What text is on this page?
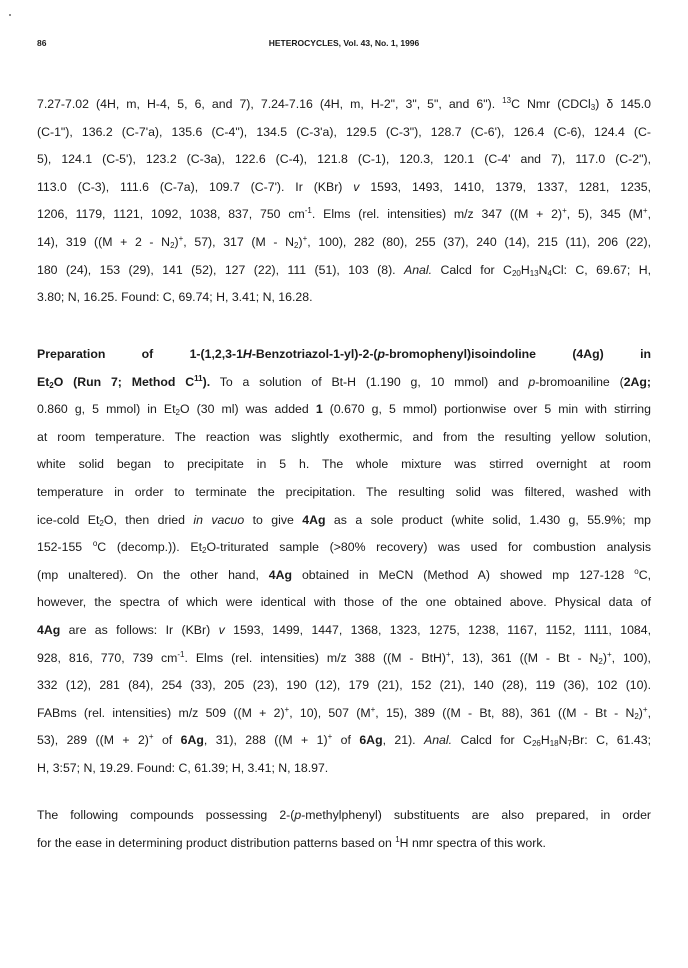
86	HETEROCYCLES, Vol. 43, No. 1, 1996
7.27-7.02 (4H, m, H-4, 5, 6, and 7), 7.24-7.16 (4H, m, H-2", 3", 5", and 6"). $^{13}$C Nmr (CDCl$_3$) δ 145.0
(C-1"), 136.2 (C-7'a), 135.6 (C-4"), 134.5 (C-3'a), 129.5 (C-3"), 128.7 (C-6'), 126.4 (C-6), 124.4 (C-
5), 124.1 (C-5'), 123.2 (C-3a), 122.6 (C-4), 121.8 (C-1), 120.3, 120.1 (C-4' and 7), 117.0 (C-2"),
113.0 (C-3), 111.6 (C-7a), 109.7 (C-7'). Ir (KBr) v 1593, 1493, 1410, 1379, 1337, 1281, 1235,
1206, 1179, 1121, 1092, 1038, 837, 750 $cm^{-1}$. Elms (rel. intensities) m/z 347 ((M + 2)+, 5), 345 (M+,
14), 319 ($(M + 2 - N_2)^+$, 57), 317 $(M - N_2)^+$, 100), 282 (80), 255 (37), 240 (14), 215 (11), 206 (22),
180 (24), 153 (29), 141 (52), 127 (22), 111 (51), 103 (8). Anal. Calcd for $C_{20}H_{13}N_4Cl$: C, 69.67; H,
3.80; N, 16.25. Found: C, 69.74; H, 3.41; N, 16.28.
Preparation of 1-(1,2,3-1H-Benzotriazol-1-yl)-2-(p-bromophenyl)isoindoline (4Ag) in
$Et_2O$ (Run 7; Method $C^{11}$). To a solution of Bt-H (1.190 g, 10 mmol) and p-bromoaniline (2Ag;
0.860 g, 5 mmol) in $Et_2O$ (30 ml) was added 1 (0.670 g, 5 mmol) portionwise over 5 min with stirring
at room temperature. The reaction was slightly exothermic, and from the resulting yellow solution,
white solid began to precipitate in 5 h. The whole mixture was stirred overnight at room
temperature in order to terminate the precipitation. The resulting solid was filtered, washed with
ice-cold $Et_2O$, then dried in vacuo to give 4Ag as a sole product (white solid, 1.430 g, 55.9%; mp
152-155 $^o$C (decomp.)). $Et_2O$-triturated sample (>80% recovery) was used for combustion analysis
(mp unaltered). On the other hand, 4Ag obtained in MeCN (Method A) showed mp 127-128 $^o$C,
however, the spectra of which were identical with those of the one obtained above. Physical data of
4Ag are as follows: Ir (KBr) v 1593, 1499, 1447, 1368, 1323, 1275, 1238, 1167, 1152, 1111, 1084,
928, 816, 770, 739 $cm^{-1}$. Elms (rel. intensities) m/z 388 ((M - BtH)+, 13), 361 ((M - Bt - $N_2)^+$, 100),
332 (12), 281 (84), 254 (33), 205 (23), 190 (12), 179 (21), 152 (21), 140 (28), 119 (36), 102 (10).
FABms (rel. intensities) m/z 509 ((M + 2)+, 10), 507 (M+, 15), 389 ((M - Bt, 88), 361 ((M - Bt - $N_2)^+$,
53), 289 ((M + 2)+ of 6Ag, 31), 288 ((M + 1)+ of 6Ag, 21). Anal. Calcd for $C_{26}H_{18}N_7Br$: C, 61.43;
H, 3:57; N, 19.29. Found: C, 61.39; H, 3.41; N, 18.97.
The following compounds possessing 2-(p-methylphenyl) substituents are also prepared, in order
for the ease in determining product distribution patterns based on $^1$H nmr spectra of this work.
